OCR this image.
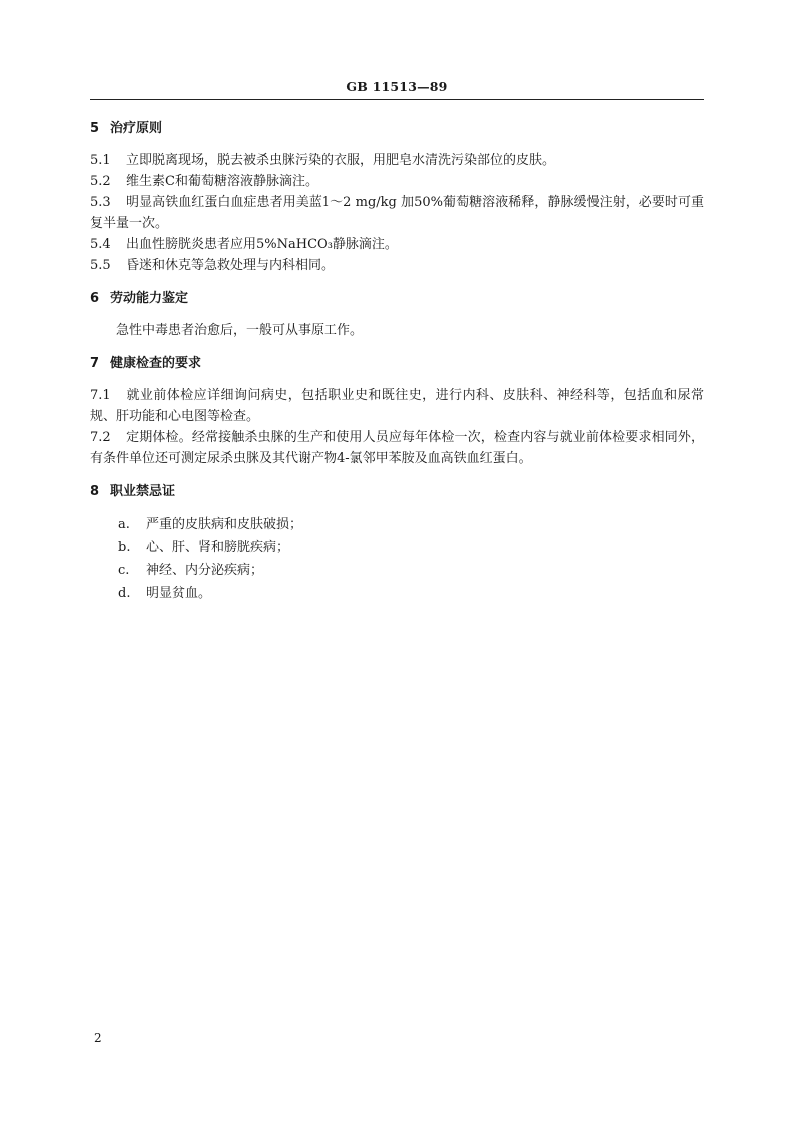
GB 11513—89
5 治疗原则

5.1 立即脱离现场，脱去被杀虫脒污染的衣服，用肥皂水清洗污染部位的皮肤。

5.2 维生素C和葡萄糖溶液静脉滴注。

5.3 明显高铁血红蛋白血症患者用美蓝1～2 mg/kg 加50%葡萄糖溶液稀释，静脉缓慢注射，必要时可重复半量一次。

5.4 出血性膀胱炎患者应用5%NaHCO₃静脉滴注。

5.5 昏迷和休克等急救处理与内科相同。

6 劳动能力鉴定

急性中毒患者治愈后，一般可从事原工作。

7 健康检查的要求

7.1 就业前体检应详细询问病史，包括职业史和既往史，进行内科、皮肤科、神经科等，包括血和尿常规、肝功能和心电图等检查。

7.2 定期体检。经常接触杀虫脒的生产和使用人员应每年体检一次，检查内容与就业前体检要求相同外，有条件单位还可测定尿杀虫脒及其代谢产物4-氯邻甲苯胺及血高铁血红蛋白。

8 职业禁忌证

a. 严重的皮肤病和皮肤破损；

b. 心、肝、肾和膀胱疾病；

c. 神经、内分泌疾病；

d. 明显贫血。

2
